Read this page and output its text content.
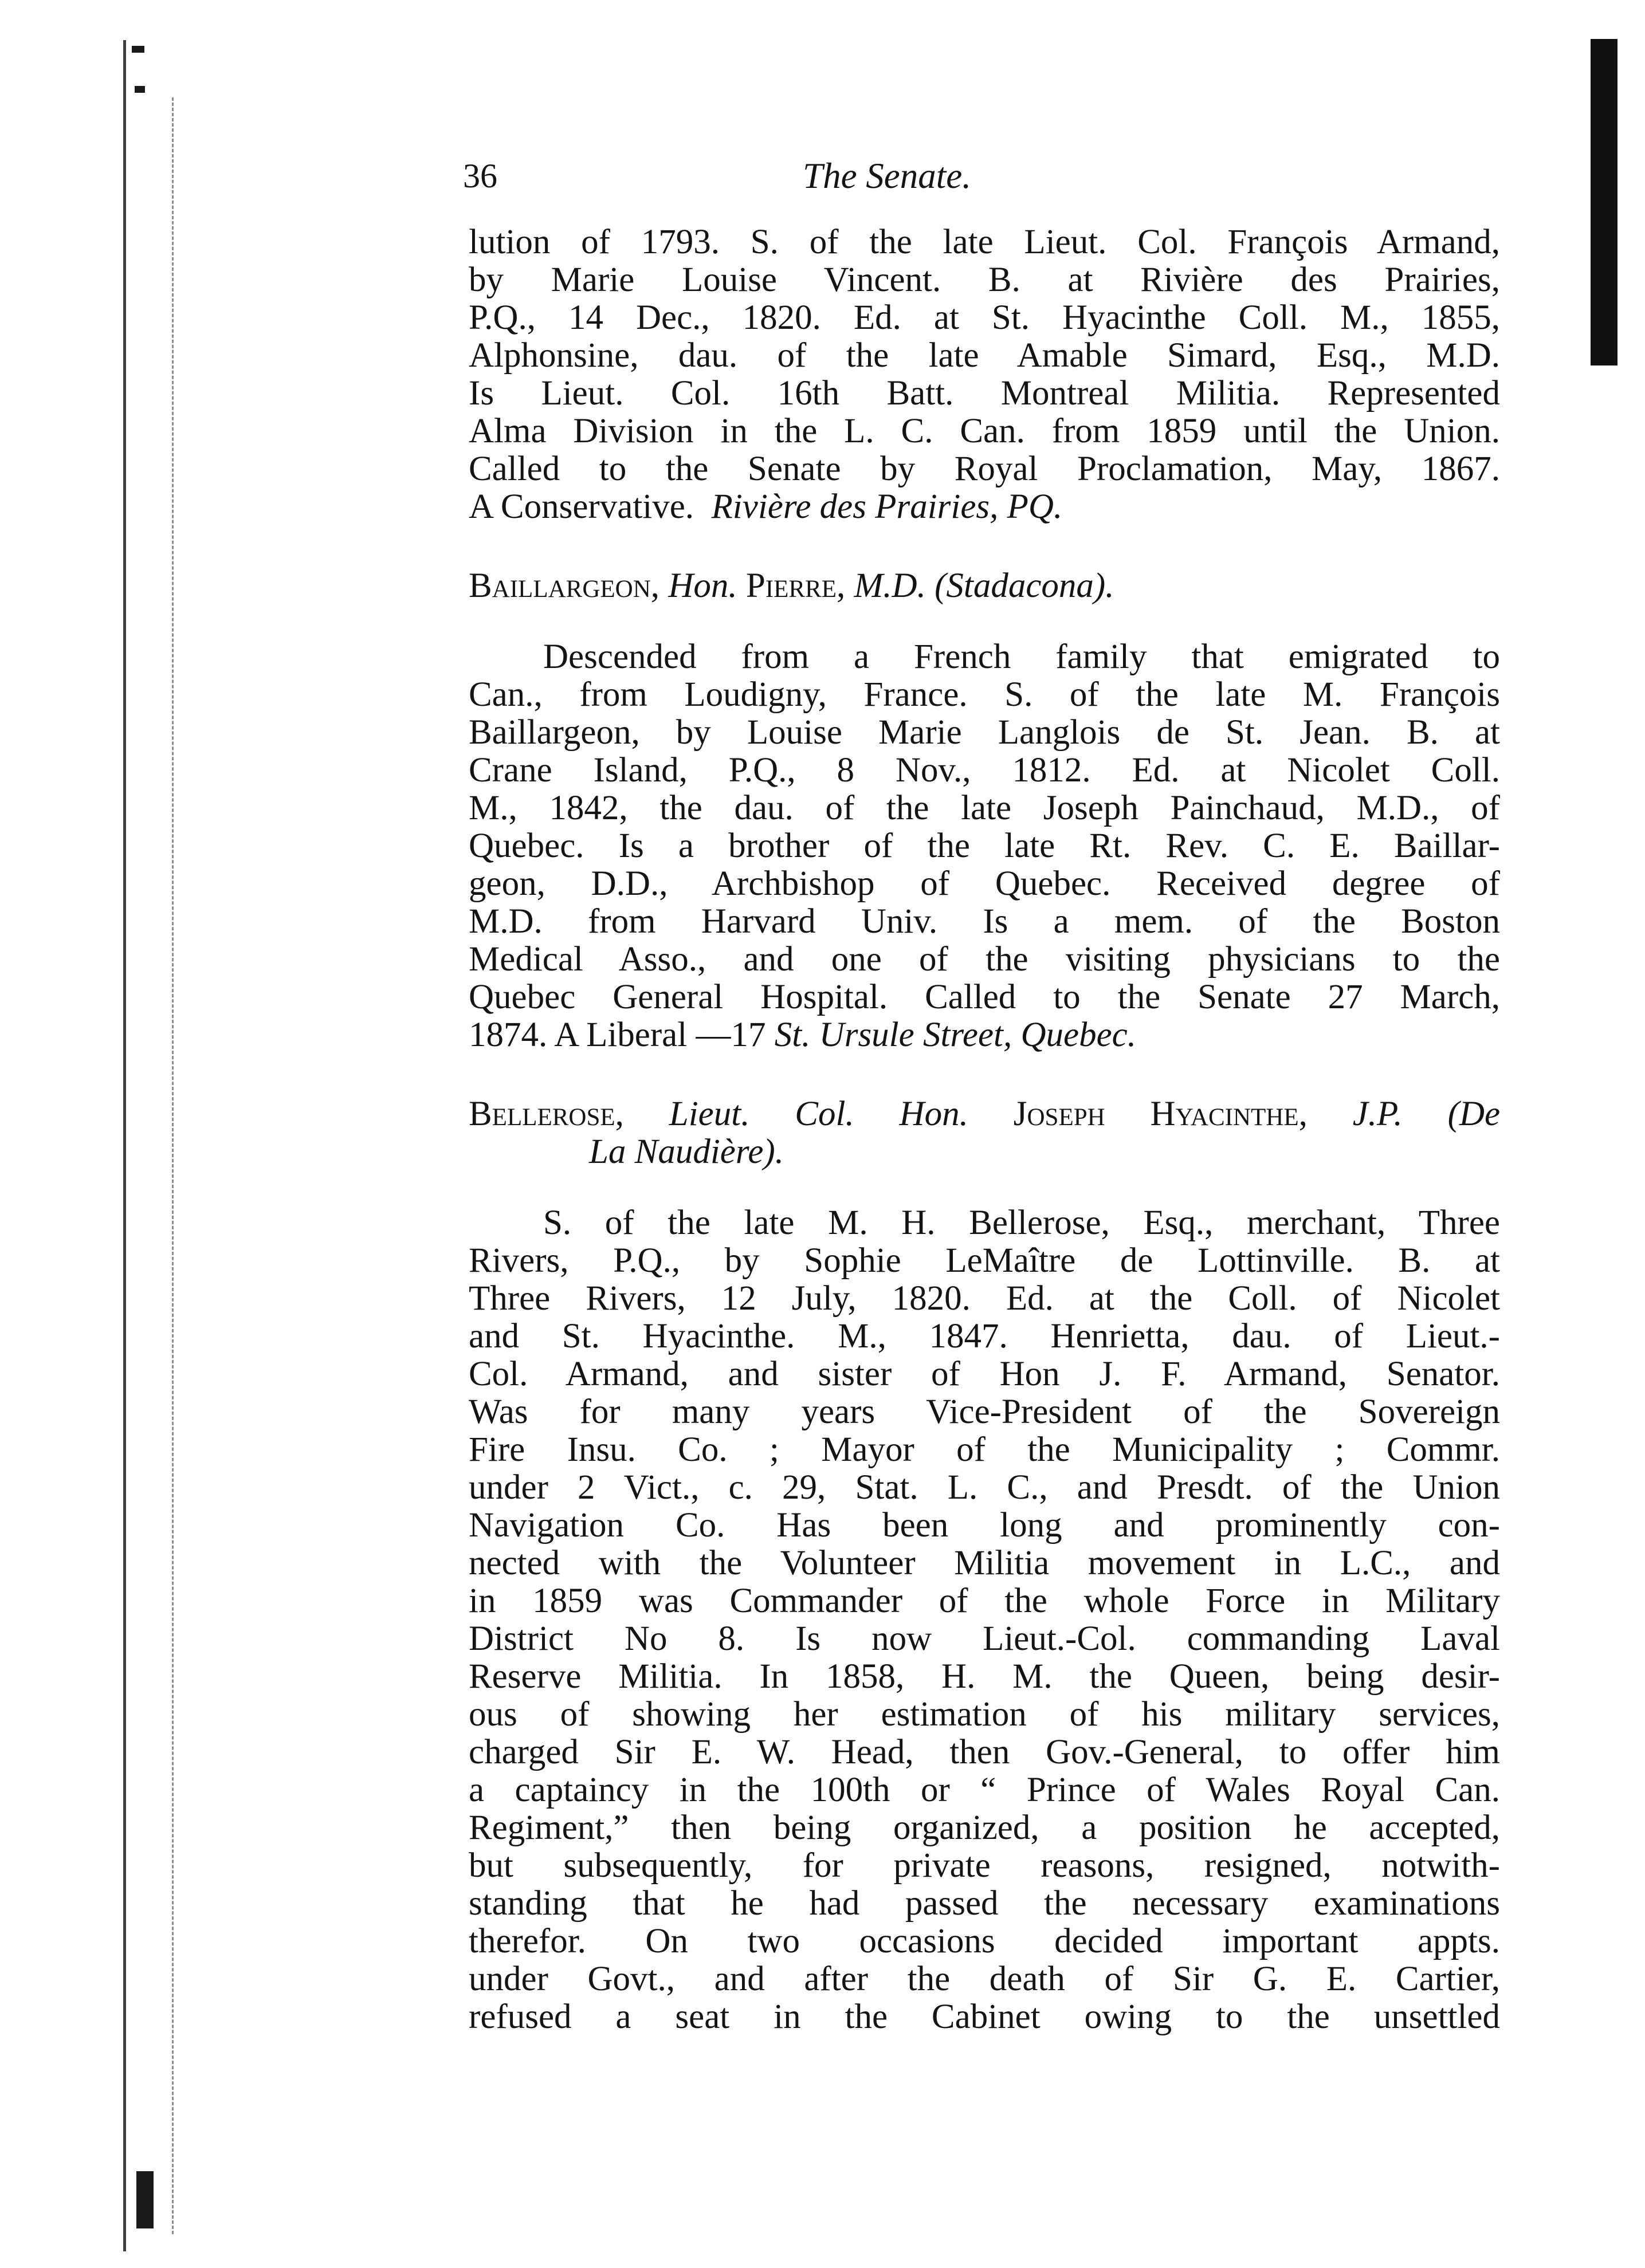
36	The Senate.
lution of 1793. S. of the late Lieut. Col. François Armand,
by Marie Louise Vincent. B. at Rivière des Prairies,
P.Q., 14 Dec., 1820. Ed. at St. Hyacinthe Coll. M., 1855,
Alphonsine, dau. of the late Amable Simard, Esq., M.D.
Is Lieut. Col. 16th Batt. Montreal Militia. Represented
Alma Division in the L. C. Can. from 1859 until the Union.
Called to the Senate by Royal Proclamation, May, 1867.
A Conservative. Rivière des Prairies, PQ.
Baillargeon, Hon. Pierre, M.D. (Stadacona).
Descended from a French family that emigrated to
Can., from Loudigny, France. S. of the late M. François
Baillargeon, by Louise Marie Langlois de St. Jean. B. at
Crane Island, P.Q., 8 Nov., 1812. Ed. at Nicolet Coll.
M., 1842, the dau. of the late Joseph Painchaud, M.D., of
Quebec. Is a brother of the late Rt. Rev. C. E. Baillar-
geon, D.D., Archbishop of Quebec. Received degree of
M.D. from Harvard Univ. Is a mem. of the Boston
Medical Asso., and one of the visiting physicians to the
Quebec General Hospital. Called to the Senate 27 March,
1874. A Liberal —17 St. Ursule Street, Quebec.
Bellerose, Lieut. Col. Hon. Joseph Hyacinthe, J.P. (De
La Naudière).
S. of the late M. H. Bellerose, Esq., merchant, Three
Rivers, P.Q., by Sophie LeMaître de Lottinville. B. at
Three Rivers, 12 July, 1820. Ed. at the Coll. of Nicolet
and St. Hyacinthe. M., 1847. Henrietta, dau. of Lieut.-
Col. Armand, and sister of Hon J. F. Armand, Senator.
Was for many years Vice-President of the Sovereign
Fire Insu. Co. ; Mayor of the Municipality ; Commr.
under 2 Vict., c. 29, Stat. L. C., and Presdt. of the Union
Navigation Co. Has been long and prominently con-
nected with the Volunteer Militia movement in L.C., and
in 1859 was Commander of the whole Force in Military
District No 8. Is now Lieut.-Col. commanding Laval
Reserve Militia. In 1858, H. M. the Queen, being desir-
ous of showing her estimation of his military services,
charged Sir E. W. Head, then Gov.-General, to offer him
a captaincy in the 100th or “ Prince of Wales Royal Can.
Regiment,” then being organized, a position he accepted,
but subsequently, for private reasons, resigned, notwith-
standing that he had passed the necessary examinations
therefor. On two occasions decided important appts.
under Govt., and after the death of Sir G. E. Cartier,
refused a seat in the Cabinet owing to the unsettled
